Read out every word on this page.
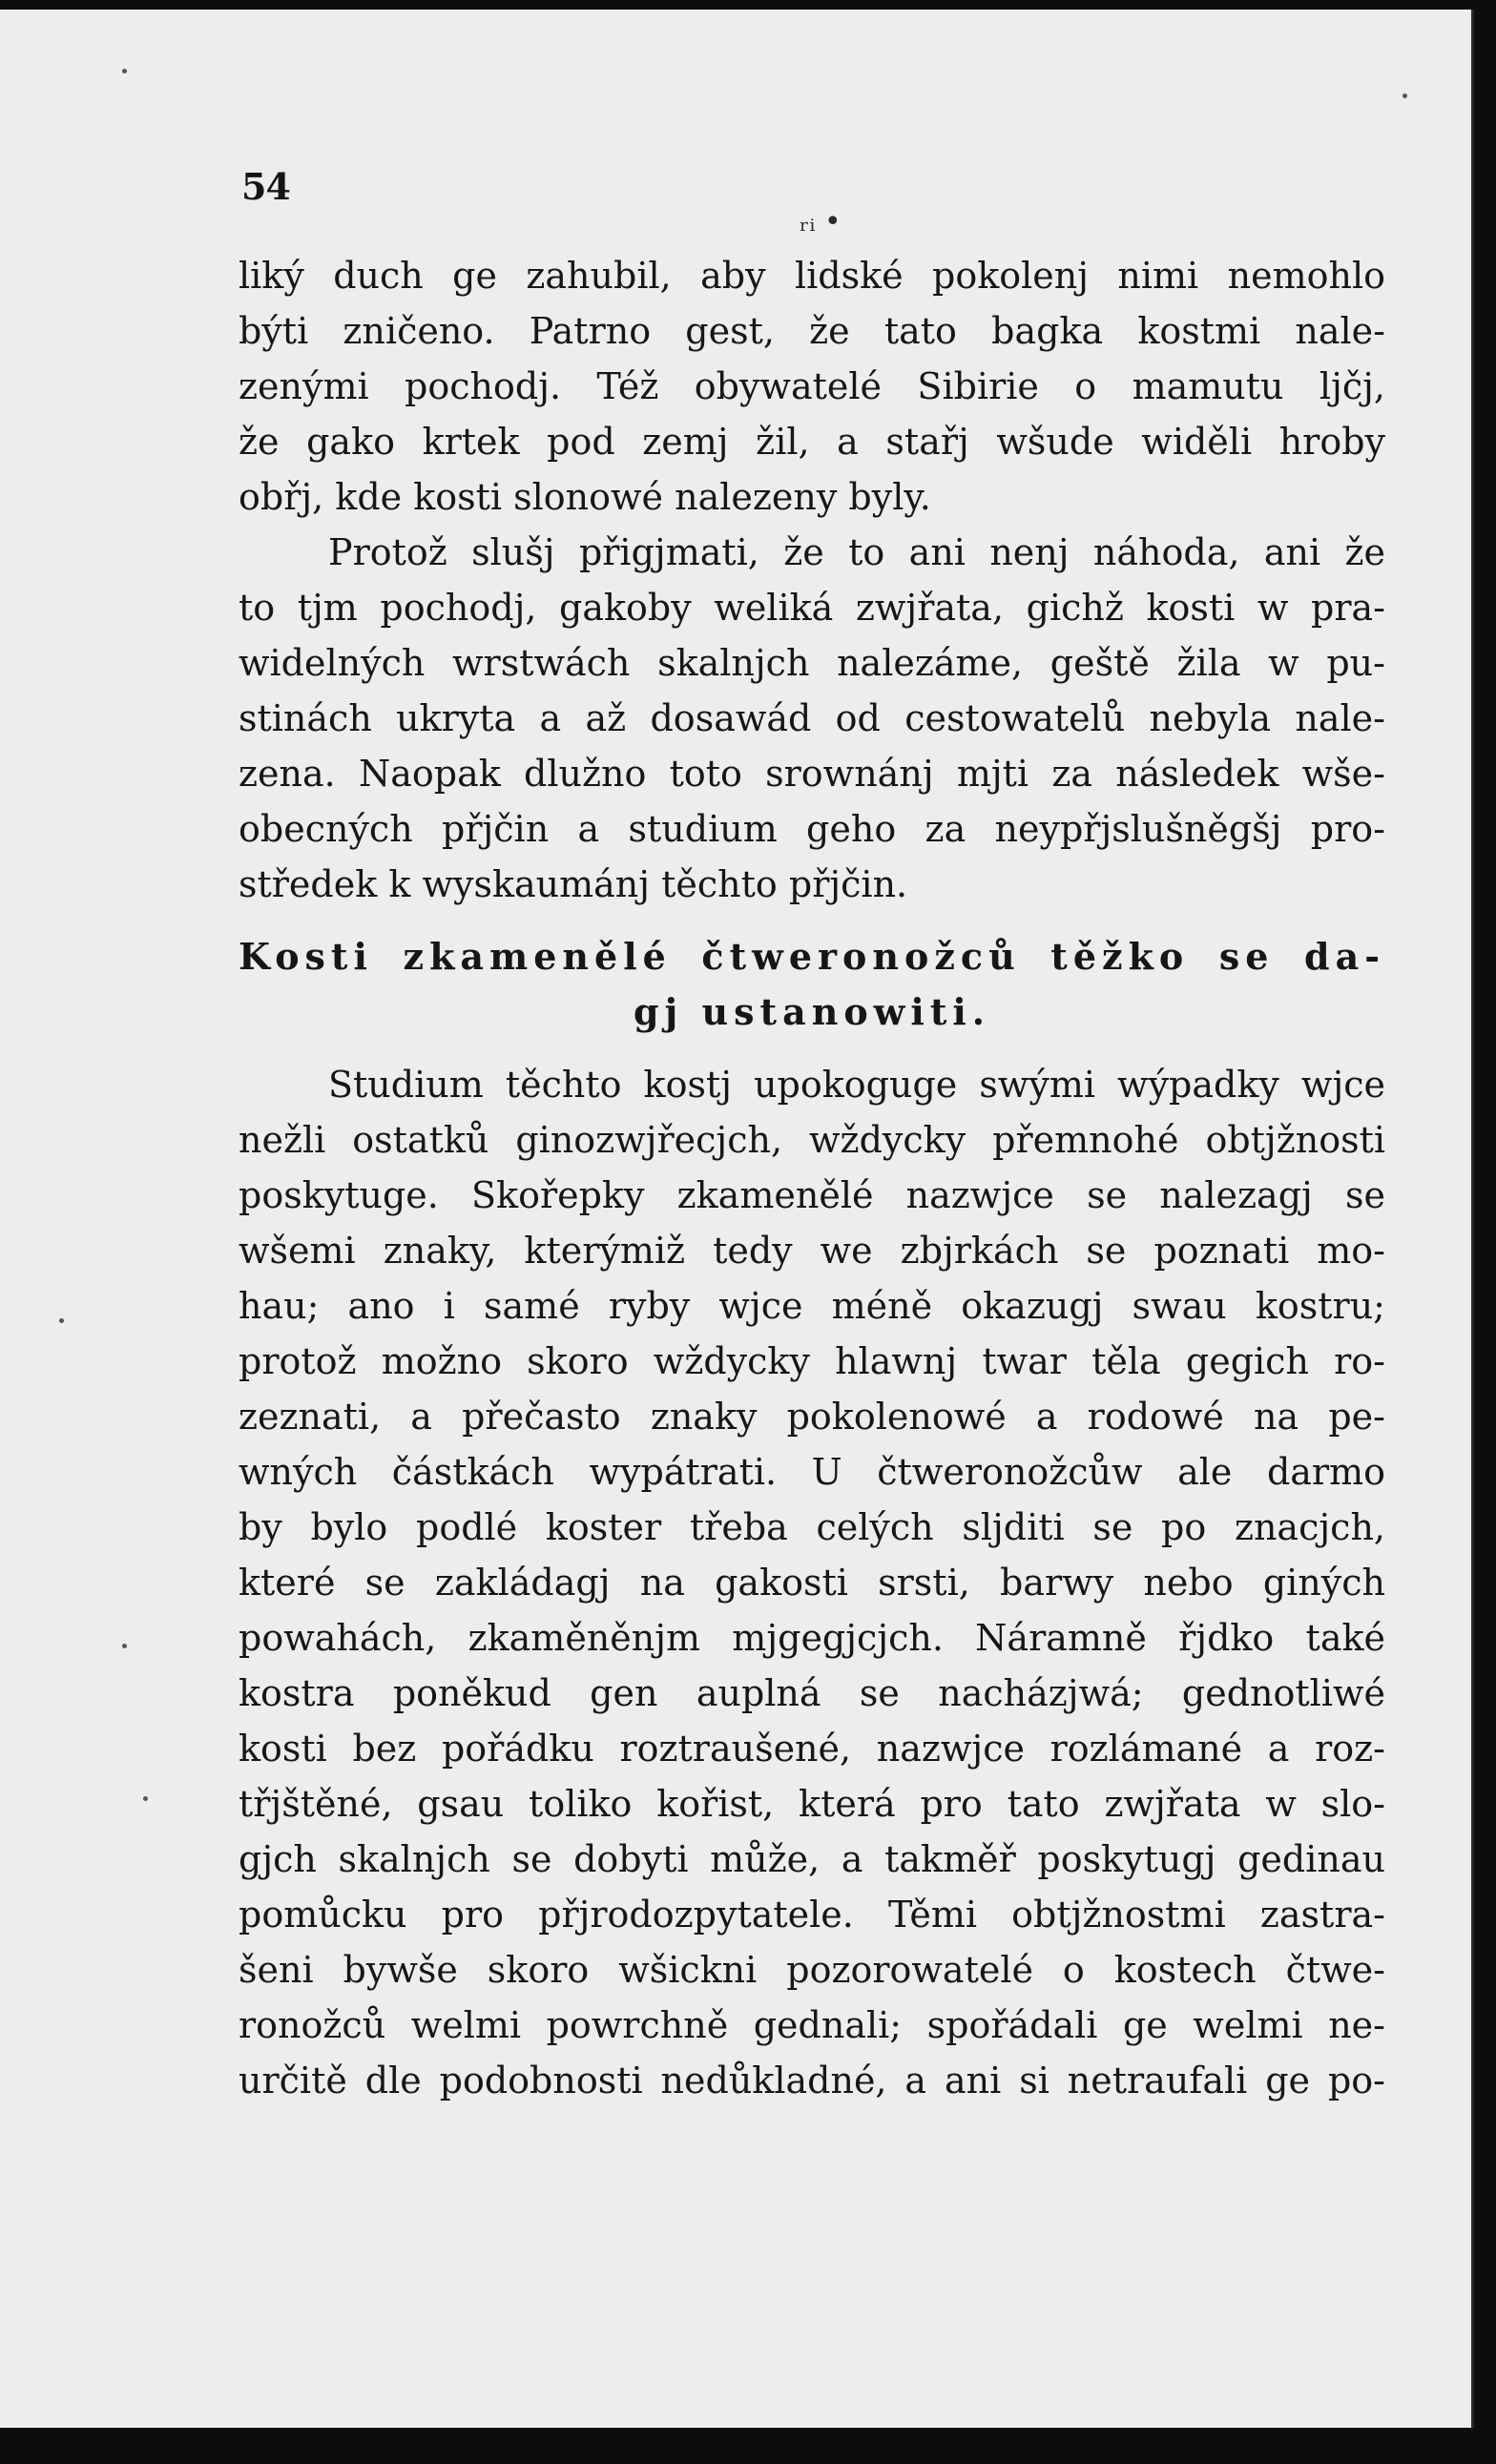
54
ᵣᵢ •
liký duch ge zahubil, aby lidské pokolenj nimi nemohlo
býti zničeno. Patrno gest, že tato bagka kostmi nale-
zenými pochodj. Též obywatelé Sibirie o mamutu ljčj,
že gako krtek pod zemj žil, a stařj wšude widěli hroby
obřj, kde kosti slonowé nalezeny byly.
Protož slušj přigjmati, že to ani nenj náhoda, ani že
to tjm pochodj, gakoby weliká zwjřata, gichž kosti w pra-
widelných wrstwách skalnjch nalezáme, geště žila w pu-
stinách ukryta a až dosawád od cestowatelů nebyla nale-
zena. Naopak dlužno toto srownánj mjti za následek wše-
obecných přjčin a studium geho za neypřjslušněgšj pro-
středek k wyskaumánj těchto přjčin.
Kosti zkamenělé čtweronožců těžko se da-
gj ustanowiti.
Studium těchto kostj upokoguge swými wýpadky wjce
nežli ostatků ginozwjřecjch, wždycky přemnohé obtjžnosti
poskytuge. Skořepky zkamenělé nazwjce se nalezagj se
wšemi znaky, kterýmiž tedy we zbjrkách se poznati mo-
hau; ano i samé ryby wjce méně okazugj swau kostru;
protož možno skoro wždycky hlawnj twar těla gegich ro-
zeznati, a přečasto znaky pokolenowé a rodowé na pe-
wných částkách wypátrati. U čtweronožcůw ale darmo
by bylo podlé koster třeba celých sljditi se po znacjch,
které se zakládagj na gakosti srsti, barwy nebo giných
powahách, zkaměněnjm mjgegjcjch. Náramně řjdko také
kostra poněkud gen auplná se nacházjwá; gednotliwé
kosti bez pořádku roztraušené, nazwjce rozlámané a roz-
třjštěné, gsau toliko kořist, která pro tato zwjřata w slo-
gjch skalnjch se dobyti může, a takměř poskytugj gedinau
pomůcku pro přjrodozpytatele. Těmi obtjžnostmi zastra-
šeni bywše skoro wšickni pozorowatelé o kostech čtwe-
ronožců welmi powrchně gednali; spořádali ge welmi ne-
určitě dle podobnosti nedůkladné, a ani si netraufali ge po-
